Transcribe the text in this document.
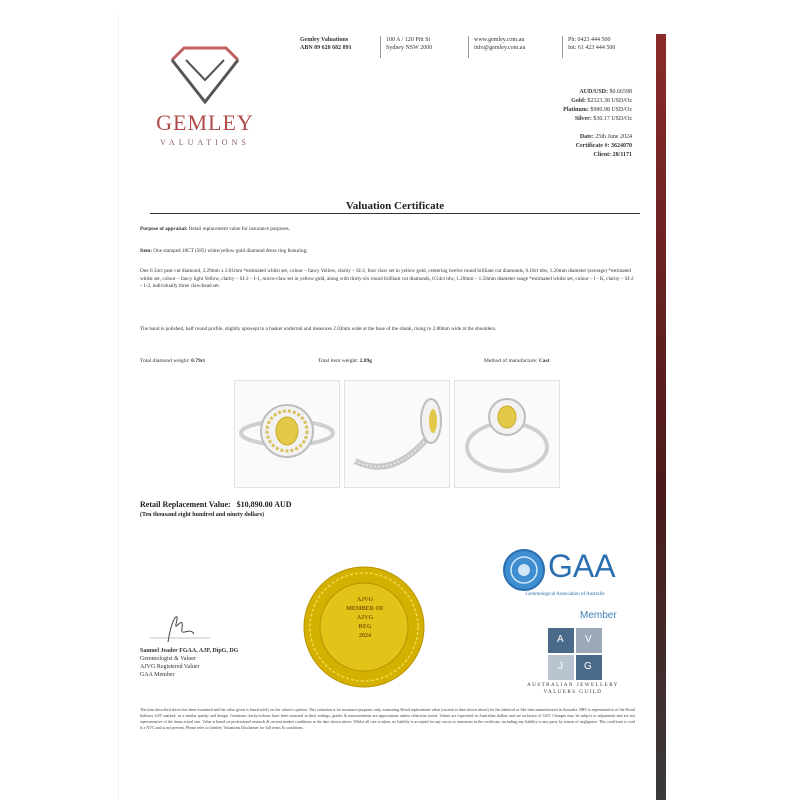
GEMLEY
VALUATIONS
Gemley Valuations
ABN 89 620 682 891
100 A / 120 Pitt St
Sydney NSW 2000
www.gemley.com.au
info@gemley.com.au
Ph: 0423 444 500
Int: 61 423 444 500
AUD/USD: $0.66598
Gold: $2323.38 USD/Oz
Platinum: $980.98 USD/Oz
Silver: $30.17 USD/Oz

Date: 25th June 2024
Certificate #: 3624070
Client: 28/1171
Valuation Certificate
Purpose of appraisal: Retail replacement value for insurance purposes.
Item: One stamped 18CT (585) white/yellow gold diamond dress ring featuring;
One 0.34ct pear cut diamond, 3.29mm x 2.81mm *estimated whilst set, colour – fancy Yellow, clarity – SI-2, four claw set in yellow gold, centering twelve round brilliant cut diamonds, 0.18ct tdw, 1.20mm diameter (average) *estimated whilst set, colour – fancy light Yellow, clarity – SI-2 – I-1, micro-claw set in yellow gold, along with thirty-six round brilliant cut diamonds, 0.54ct tdw, 1.20mm – 1.50mm diameter range *estimated whilst set, colour – I - K, clarity – SI-2 – I-2, individually three claw/bead set.
The band is polished, half round profile, slightly upswept to a basket underrail and measures 2.03mm wide at the base of the shank, rising to 2.80mm wide at the shoulders.
Total diamond weight: 0.79ct	Total item weight: 2.89g	Method of manufacture: Cast
Retail Replacement Value: $10,890.00 AUD
(Ten thousand eight hundred and ninety dollars)
Samuel Jeader FGAA, AJP, DipG, DG
Gemmologist & Valuer
AJVG Registered Valuer
GAA Member
AJVG
MEMBER OF
AJVG
REG
2024
GAA
Gemmological Association of Australia
Member
A V
J G
AUSTRALIAN JEWELLERY
VALUERS GUILD
The item described above has been examined and the value given is based solely on the valuer's opinion. This valuation is for insurance purposes only, estimating Retail replacement value (current at date shown above) for the identical or like item manufactured in Australia. RRV is representative of the Retail Industry GST marked, in a similar quality and design. Gemstone clarity/colours have been assessed in their settings; grades & measurements are approximate unless otherwise noted. Values are expressed in Australian dollars and are inclusive of GST. Changes may be subject to adjustment and are not representative of the items actual size. Value is based on professional research & current market conditions at the date shown above. Whilst all care is taken, no liability is accepted for any errors or omissions in the certificate, including any liability to any party by reason of negligence. This certificate is void if a NVC and is not present. Please refer to Gemley Valuations Disclaimer for full terms & conditions.
